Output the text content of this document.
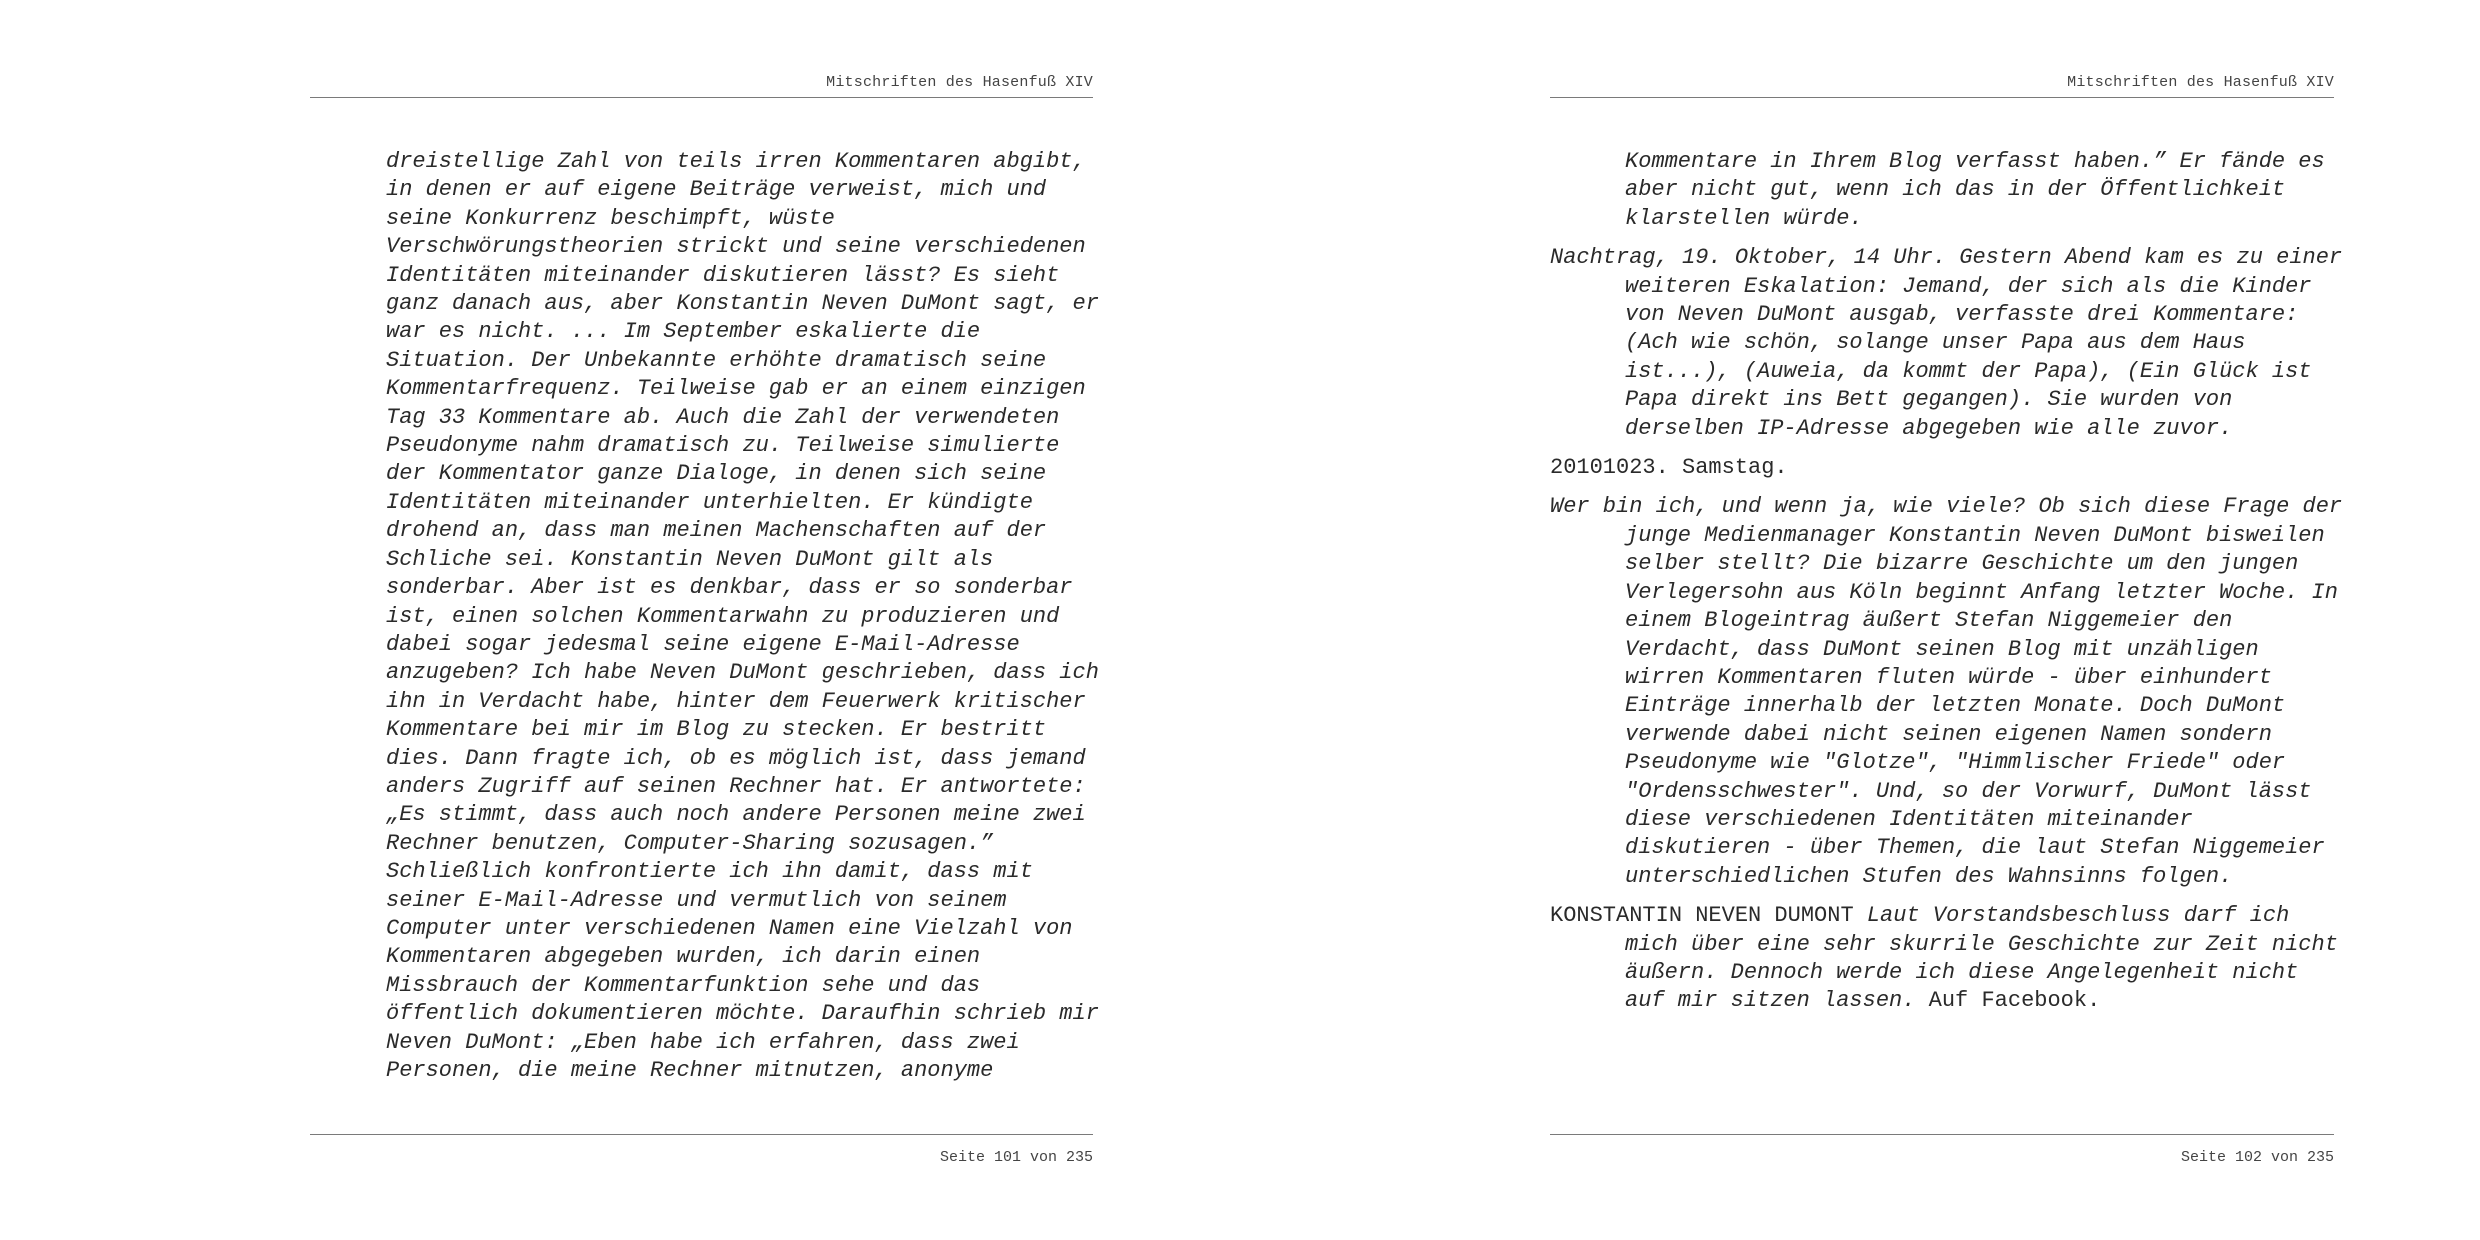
Mitschriften des Hasenfuß XIV
dreistellige Zahl von teils irren Kommentaren abgibt,
in denen er auf eigene Beiträge verweist, mich und
seine Konkurrenz beschimpft, wüste
Verschwörungstheorien strickt und seine verschiedenen
Identitäten miteinander diskutieren lässt? Es sieht
ganz danach aus, aber Konstantin Neven DuMont sagt, er
war es nicht. ... Im September eskalierte die
Situation. Der Unbekannte erhöhte dramatisch seine
Kommentarfrequenz. Teilweise gab er an einem einzigen
Tag 33 Kommentare ab. Auch die Zahl der verwendeten
Pseudonyme nahm dramatisch zu. Teilweise simulierte
der Kommentator ganze Dialoge, in denen sich seine
Identitäten miteinander unterhielten. Er kündigte
drohend an, dass man meinen Machenschaften auf der
Schliche sei. Konstantin Neven DuMont gilt als
sonderbar. Aber ist es denkbar, dass er so sonderbar
ist, einen solchen Kommentarwahn zu produzieren und
dabei sogar jedesmal seine eigene E-Mail-Adresse
anzugeben? Ich habe Neven DuMont geschrieben, dass ich
ihn in Verdacht habe, hinter dem Feuerwerk kritischer
Kommentare bei mir im Blog zu stecken. Er bestritt
dies. Dann fragte ich, ob es möglich ist, dass jemand
anders Zugriff auf seinen Rechner hat. Er antwortete:
„Es stimmt, dass auch noch andere Personen meine zwei
Rechner benutzen, Computer-Sharing sozusagen.”
Schließlich konfrontierte ich ihn damit, dass mit
seiner E-Mail-Adresse und vermutlich von seinem
Computer unter verschiedenen Namen eine Vielzahl von
Kommentaren abgegeben wurden, ich darin einen
Missbrauch der Kommentarfunktion sehe und das
öffentlich dokumentieren möchte. Daraufhin schrieb mir
Neven DuMont: „Eben habe ich erfahren, dass zwei
Personen, die meine Rechner mitnutzen, anonyme
Seite 101 von 235
Mitschriften des Hasenfuß XIV
Kommentare in Ihrem Blog verfasst haben.” Er fände es
aber nicht gut, wenn ich das in der Öffentlichkeit
klarstellen würde.
Nachtrag, 19. Oktober, 14 Uhr. Gestern Abend kam es zu einer
weiteren Eskalation: Jemand, der sich als die Kinder
von Neven DuMont ausgab, verfasste drei Kommentare:
(Ach wie schön, solange unser Papa aus dem Haus
ist...), (Auweia, da kommt der Papa), (Ein Glück ist
Papa direkt ins Bett gegangen). Sie wurden von
derselben IP-Adresse abgegeben wie alle zuvor.
20101023. Samstag.
Wer bin ich, und wenn ja, wie viele? Ob sich diese Frage der
junge Medienmanager Konstantin Neven DuMont bisweilen
selber stellt? Die bizarre Geschichte um den jungen
Verlegersohn aus Köln beginnt Anfang letzter Woche. In
einem Blogeintrag äußert Stefan Niggemeier den
Verdacht, dass DuMont seinen Blog mit unzähligen
wirren Kommentaren fluten würde - über einhundert
Einträge innerhalb der letzten Monate. Doch DuMont
verwende dabei nicht seinen eigenen Namen sondern
Pseudonyme wie "Glotze", "Himmlischer Friede" oder
"Ordensschwester". Und, so der Vorwurf, DuMont lässt
diese verschiedenen Identitäten miteinander
diskutieren - über Themen, die laut Stefan Niggemeier
unterschiedlichen Stufen des Wahnsinns folgen.
KONSTANTIN NEVEN DUMONT Laut Vorstandsbeschluss darf ich
mich über eine sehr skurrile Geschichte zur Zeit nicht
äußern. Dennoch werde ich diese Angelegenheit nicht
auf mir sitzen lassen. Auf Facebook.
Seite 102 von 235
